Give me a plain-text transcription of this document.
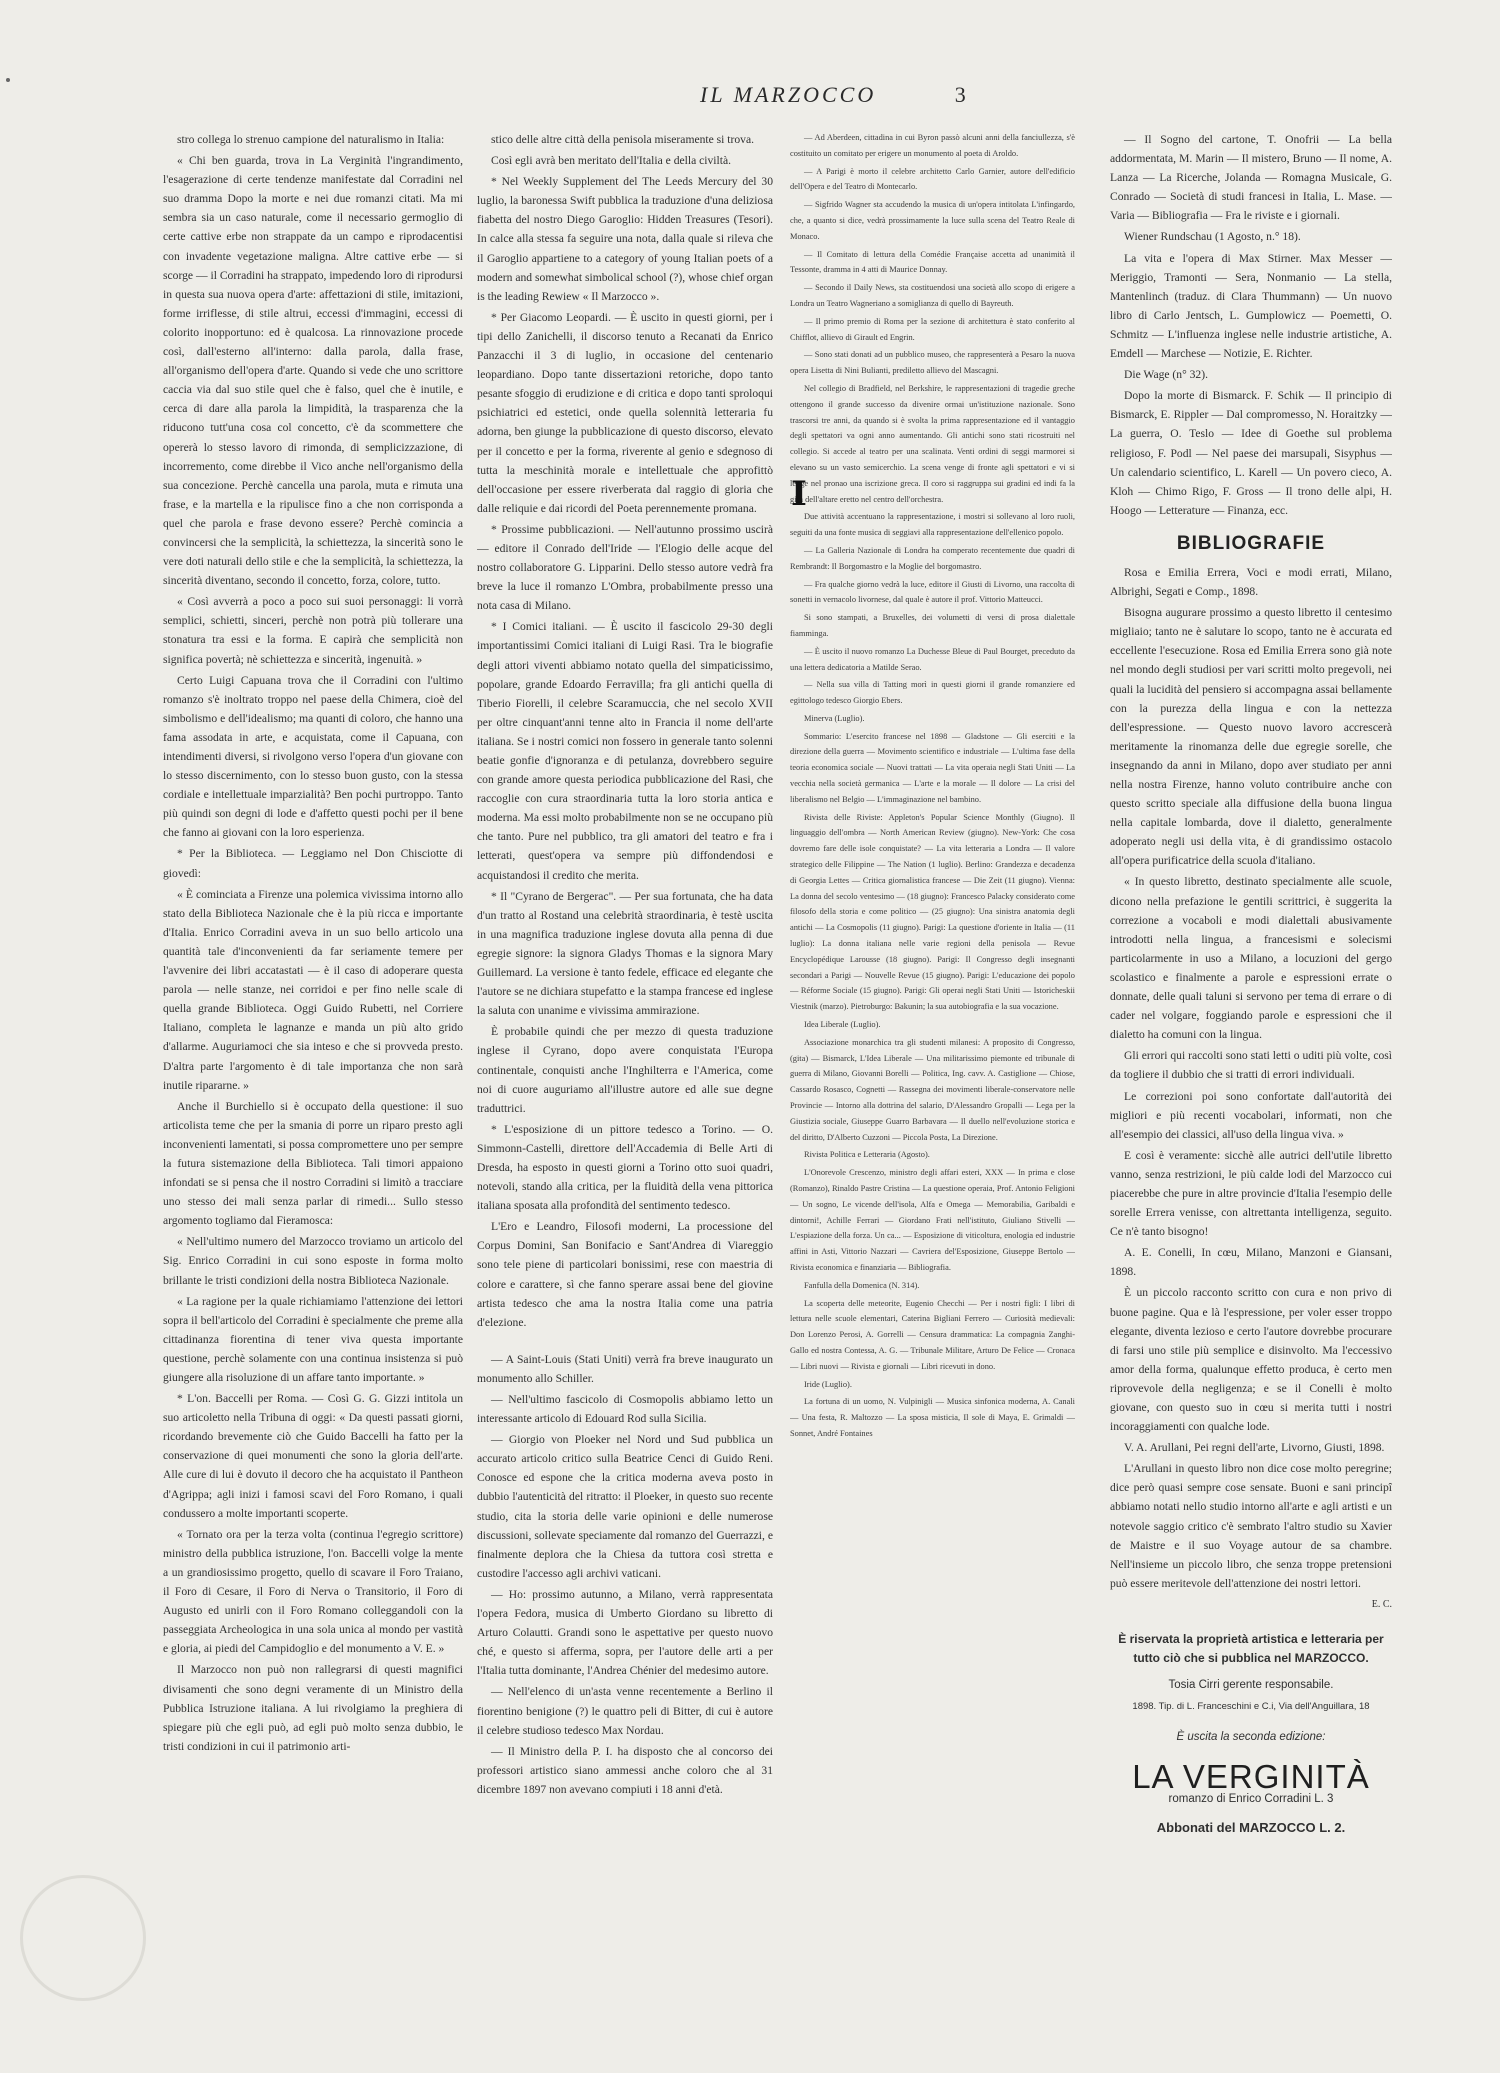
IL MARZOCCO	3

stro collega lo strenuo campione del naturalismo in Italia:

« Chi ben guarda, trova in La Verginità l'ingrandimento, l'esagerazione di certe tendenze manifestate dal Corradini nel suo dramma Dopo la morte e nei due romanzi citati. Ma mi sembra sia un caso naturale, come il necessario germoglio di certe cattive erbe non strappate da un campo e riprodacentisi con invadente vegetazione maligna. Altre cattive erbe — si scorge — il Corradini ha strappato, impedendo loro di riprodursi in questa sua nuova opera d'arte: affettazioni di stile, imitazioni, forme irriflesse, di stile altrui, eccessi d'immagini, eccessi di colorito inopportuno: ed è qualcosa. La rinnovazione procede così, dall'esterno all'interno: dalla parola, dalla frase, all'organismo dell'opera d'arte. Quando si vede che uno scrittore caccia via dal suo stile quel che è falso, quel che è inutile, e cerca di dare alla parola la limpidità, la trasparenza che la riducono tutt'una cosa col concetto, c'è da scommettere che opererà lo stesso lavoro di rimonda, di semplicizzazione, di incorremento, come direbbe il Vico anche nell'organismo della sua concezione. Perchè cancella una parola, muta e rimuta una frase, e la martella e la ripulisce fino a che non corrisponda a quel che parola e frase devono essere? Perchè comincia a convincersi che la semplicità, la schiettezza, la sincerità sono le vere doti naturali dello stile e che la semplicità, la schiettezza, la sincerità diventano, secondo il concetto, forza, colore, tutto.

« Così avverrà a poco a poco sui suoi personaggi: li vorrà semplici, schietti, sinceri, perchè non potrà più tollerare una stonatura tra essi e la forma. E capirà che semplicità non significa povertà; nè schiettezza e sincerità, ingenuità. »

Certo Luigi Capuana trova che il Corradini con l'ultimo romanzo s'è inoltrato troppo nel paese della Chimera, cioè del simbolismo e dell'idealismo; ma quanti di coloro, che hanno una fama assodata in arte, e acquistata, come il Capuana, con intendimenti diversi, si rivolgono verso l'opera d'un giovane con lo stesso discernimento, con lo stesso buon gusto, con la stessa cordiale e intellettuale imparzialità? Ben pochi purtroppo. Tanto più quindi son degni di lode e d'affetto questi pochi per il bene che fanno ai giovani con la loro esperienza.

* Per la Biblioteca. — Leggiamo nel Don Chisciotte di giovedì:

« È cominciata a Firenze una polemica vivissima intorno allo stato della Biblioteca Nazionale che è la più ricca e importante d'Italia. Enrico Corradini aveva in un suo bello articolo una quantità tale d'inconvenienti da far seriamente temere per l'avvenire dei libri accatastati — è il caso di adoperare questa parola — nelle stanze, nei corridoi e per fino nelle scale di quella grande Biblioteca. Oggi Guido Rubetti, nel Corriere Italiano, completa le lagnanze e manda un più alto grido d'allarme. Auguriamoci che sia inteso e che si provveda presto. D'altra parte l'argomento è di tale importanza che non sarà inutile ripararne. »

Anche il Burchiello si è occupato della questione: il suo articolista teme che per la smania di porre un riparo presto agli inconvenienti lamentati, si possa compromettere uno per sempre la futura sistemazione della Biblioteca. Tali timori appaiono infondati se si pensa che il nostro Corradini si limitò a tracciare uno stesso dei mali senza parlar di rimedi... Sullo stesso argomento togliamo dal Fieramosca:

« Nell'ultimo numero del Marzocco troviamo un articolo del Sig. Enrico Corradini in cui sono esposte in forma molto brillante le tristi condizioni della nostra Biblioteca Nazionale.

« La ragione per la quale richiamiamo l'attenzione dei lettori sopra il bell'articolo del Corradini è specialmente che preme alla cittadinanza fiorentina di tener viva questa importante questione, perchè solamente con una continua insistenza si può giungere alla risoluzione di un affare tanto importante. »

* L'on. Baccelli per Roma. — Così G. G. Gizzi intitola un suo articoletto nella Tribuna di oggi: « Da questi passati giorni, ricordando brevemente ciò che Guido Baccelli ha fatto per la conservazione di quei monumenti che sono la gloria dell'arte. Alle cure di lui è dovuto il decoro che ha acquistato il Pantheon d'Agrippa; agli inizi i famosi scavi del Foro Romano, i quali condussero a molte importanti scoperte.

« Tornato ora per la terza volta (continua l'egregio scrittore) ministro della pubblica istruzione, l'on. Baccelli volge la mente a un grandiosissimo progetto, quello di scavare il Foro Traiano, il Foro di Cesare, il Foro di Nerva o Transitorio, il Foro di Augusto ed unirli con il Foro Romano colleggandoli con la passeggiata Archeologica in una sola unica al mondo per vastità e gloria, ai piedi del Campidoglio e del monumento a V. E. »

Il Marzocco non può non rallegrarsi di questi magnifici divisamenti che sono degni veramente di un Ministro della Pubblica Istruzione italiana. A lui rivolgiamo la preghiera di spiegare più che egli può, ad egli può molto senza dubbio, le tristi condizioni in cui il patrimonio arti-

stico delle altre città della penisola miseramente si trova.

Così egli avrà ben meritato dell'Italia e della civiltà.

* Nel Weekly Supplement del The Leeds Mercury del 30 luglio, la baronessa Swift pubblica la traduzione d'una deliziosa fiabetta del nostro Diego Garoglio: Hidden Treasures (Tesori). In calce alla stessa fa seguire una nota, dalla quale si rileva che il Garoglio appartiene to a category of young Italian poets of a modern and somewhat simbolical school (?), whose chief organ is the leading Rewiew « Il Marzocco ».

* Per Giacomo Leopardi. — È uscito in questi giorni, per i tipi dello Zanichelli, il discorso tenuto a Recanati da Enrico Panzacchi il 3 di luglio, in occasione del centenario leopardiano. Dopo tante dissertazioni retoriche, dopo tanto pesante sfoggio di erudizione e di critica e dopo tanti sproloqui psichiatrici ed estetici, onde quella solennità letteraria fu adorna, ben giunge la pubblicazione di questo discorso, elevato per il concetto e per la forma, riverente al genio e sdegnoso di tutta la meschinità morale e intellettuale che approfittò dell'occasione per essere riverberata dal raggio di gloria che dalle reliquie e dai ricordi del Poeta perennemente promana.

* Prossime pubblicazioni. — Nell'autunno prossimo uscirà — editore il Conrado dell'Iride — l'Elogio delle acque del nostro collaboratore G. Lipparini. Dello stesso autore vedrà fra breve la luce il romanzo L'Ombra, probabilmente presso una nota casa di Milano.

* I Comici italiani. — È uscito il fascicolo 29-30 degli importantissimi Comici italiani di Luigi Rasi. Tra le biografie degli attori viventi abbiamo notato quella del simpaticissimo, popolare, grande Edoardo Ferravilla; fra gli antichi quella di Tiberio Fiorelli, il celebre Scaramuccia, che nel secolo XVII per oltre cinquant'anni tenne alto in Francia il nome dell'arte italiana. Se i nostri comici non fossero in generale tanto solenni beatie gonfie d'ignoranza e di petulanza, dovrebbero seguire con grande amore questa periodica pubblicazione del Rasi, che raccoglie con cura straordinaria tutta la loro storia antica e moderna. Ma essi molto probabilmente non se ne occupano più che tanto. Pure nel pubblico, tra gli amatori del teatro e fra i letterati, quest'opera va sempre più diffondendosi e acquistandosi il credito che merita.

* Il "Cyrano de Bergerac". — Per sua fortunata, che ha data d'un tratto al Rostand una celebrità straordinaria, è testè uscita in una magnifica traduzione inglese dovuta alla penna di due egregie signore: la signora Gladys Thomas e la signora Mary Guillemard. La versione è tanto fedele, efficace ed elegante che l'autore se ne dichiara stupefatto e la stampa francese ed inglese la saluta con unanime e vivissima ammirazione.

È probabile quindi che per mezzo di questa traduzione inglese il Cyrano, dopo avere conquistata l'Europa continentale, conquisti anche l'Inghilterra e l'America, come noi di cuore auguriamo all'illustre autore ed alle sue degne traduttrici.

* L'esposizione di un pittore tedesco a Torino. — O. Simmonn-Castelli, direttore dell'Accademia di Belle Arti di Dresda, ha esposto in questi giorni a Torino otto suoi quadri, notevoli, stando alla critica, per la fluidità della vena pittorica italiana sposata alla profondità del sentimento tedesco.

L'Ero e Leandro, Filosofi moderni, La processione del Corpus Domini, San Bonifacio e Sant'Andrea di Viareggio sono tele piene di particolari bonissimi, rese con maestria di colore e carattere, sì che fanno sperare assai bene del giovine artista tedesco che ama la nostra Italia come una patria d'elezione.

— A Saint-Louis (Stati Uniti) verrà fra breve inaugurato un monumento allo Schiller.

— Nell'ultimo fascicolo di Cosmopolis abbiamo letto un interessante articolo di Edouard Rod sulla Sicilia.

— Giorgio von Ploeker nel Nord und Sud pubblica un accurato articolo critico sulla Beatrice Cenci di Guido Reni. Conosce ed espone che la critica moderna aveva posto in dubbio l'autenticità del ritratto: il Ploeker, in questo suo recente studio, cita la storia delle varie opinioni e delle numerose discussioni, sollevate speciamente dal romanzo del Guerrazzi, e finalmente deplora che la Chiesa da tuttora così stretta e custodire l'accesso agli archivi vaticani.

— Ho: prossimo autunno, a Milano, verrà rappresentata l'opera Fedora, musica di Umberto Giordano su libretto di Arturo Colautti. Grandi sono le aspettative per questo nuovo ché, e questo si afferma, sopra, per l'autore delle arti a per l'Italia tutta dominante, l'Andrea Chénier del medesimo autore.

— Nell'elenco di un'asta venne recentemente a Berlino il fiorentino benigione (?) le quattro peli di Bitter, di cui è autore il celebre studioso tedesco Max Nordau.

— Il Ministro della P. I. ha disposto che al concorso dei professori artistico siano ammessi anche coloro che al 31 dicembre 1897 non avevano compiuti i 18 anni d'età.

— Ad Aberdeen, cittadina in cui Byron passò alcuni anni della fanciullezza, s'è costituito un comitato per erigere un monumento al poeta di Aroldo.

— A Parigi è morto il celebre architetto Carlo Garnier, autore dell'edificio dell'Opera e del Teatro di Montecarlo.

— Sigfrido Wagner sta accudendo la musica di un'opera intitolata L'infingardo, che, a quanto si dice, vedrà prossimamente la luce sulla scena del Teatro Reale di Monaco.

— Il Comitato di lettura della Comédie Française accetta ad unanimità il Tessonte, dramma in 4 atti di Maurice Donnay.

— Secondo il Daily News, sta costituendosi una società allo scopo di erigere a Londra un Teatro Wagneriano a somiglianza di quello di Bayreuth.

— Il primo premio di Roma per la sezione di architettura è stato conferito al Chifflot, allievo di Girault ed Engrin.

— Sono stati donati ad un pubblico museo, che rappresenterà a Pesaro la nuova opera Lisetta di Nini Bulianti, prediletto allievo del Mascagni.

Nel collegio di Bradfield, nel Berkshire, le rappresentazioni di tragedie greche ottengono il grande successo da divenire ormai un'istituzione nazionale. Sono trascorsi tre anni, da quando si è svolta la prima rappresentazione ed il vantaggio degli spettatori va ogni anno aumentando. Gli antichi sono stati ricostruiti nel collegio. Si accede al teatro per una scalinata. Venti ordini di seggi marmorei si elevano su un vasto semicerchio. La scena venge di fronte agli spettatori e vi si legge nel pronao una iscrizione greca. Il coro si raggruppa sui gradini ed indi fa la gira dell'altare eretto nel centro dell'orchestra.

Due attività accentuano la rappresentazione, i mostri si sollevano al loro ruoli, seguiti da una fonte musica di seggiavi alla rappresentazione dell'ellenico popolo.

— La Galleria Nazionale di Londra ha comperato recentemente due quadri di Rembrandt: Il Borgomastro e la Moglie del borgomastro.

— Fra qualche giorno vedrà la luce, editore il Giusti di Livorno, una raccolta di sonetti in vernacolo livornese, dal quale è autore il prof. Vittorio Matteucci.

Si sono stampati, a Bruxelles, dei volumetti di versi di prosa dialettale fiamminga.

— È uscito il nuovo romanzo La Duchesse Bleue di Paul Bourget, preceduto da una lettera dedicatoria a Matilde Serao.

— Nella sua villa di Tatting morì in questi giorni il grande romanziere ed egittologo tedesco Giorgio Ebers.

Minerva (Luglio).

Sommario: L'esercito francese nel 1898 — Gladstone — Gli eserciti e la direzione della guerra — Movimento scientifico e industriale — L'ultima fase della teoria economica sociale — Nuovi trattati — La vita operaia negli Stati Uniti — La vecchia nella società germanica — L'arte e la morale — Il dolore — La crisi del liberalismo nel Belgio — L'immaginazione nel bambino.

Rivista delle Riviste: Appleton's Popular Science Monthly (Giugno). Il linguaggio dell'ombra — North American Review (giugno). New-York: Che cosa dovremo fare delle isole conquistate? — La vita letteraria a Londra — Il valore strategico delle Filippine — The Nation (1 luglio). Berlino: Grandezza e decadenza di Georgia Lettes — Critica giornalistica francese — Die Zeit (11 giugno). Vienna: La donna del secolo ventesimo — (18 giugno): Francesco Palacky considerato come filosofo della storia e come politico — (25 giugno): Una sinistra anatomia degli antichi — La Cosmopolis (11 giugno). Parigi: La questione d'oriente in Italia — (11 luglio): La donna italiana nelle varie regioni della penisola — Revue Encyclopédique Larousse (18 giugno). Parigi: Il Congresso degli insegnanti secondari a Parigi — Nouvelle Revue (15 giugno). Parigi: L'educazione dei popolo — Réforme Sociale (15 giugno). Parigi: Gli operai negli Stati Uniti — Istoricheskii Viestnik (marzo). Pietroburgo: Bakunin; la sua autobiografia e la sua vocazione.

Idea Liberale (Luglio).

Associazione monarchica tra gli studenti milanesi: A proposito di Congresso, (gita) — Bismarck, L'Idea Liberale — Una militarissimo piemonte ed tribunale di guerra di Milano, Giovanni Borelli — Politica, Ing. cavv. A. Castiglione — Chiose, Cassardo Rosasco, Cognetti — Rassegna dei movimenti liberale-conservatore nelle Provincie — Intorno alla dottrina del salario, D'Alessandro Gropalli — Lega per la Giustizia sociale, Giuseppe Guarro Barbavara — Il duello nell'evoluzione storica e del diritto, D'Alberto Cuzzoni — Piccola Posta, La Direzione.

Rivista Politica e Letteraria (Agosto).

L'Onorevole Crescenzo, ministro degli affari esteri, XXX — In prima e close (Romanzo), Rinaldo Pastre Cristina — La questione operaia, Prof. Antonio Feligioni — Un sogno, Le vicende dell'isola, Alfa e Omega — Memorabilia, Garibaldi e dintorni!, Achille Ferrari — Giordano Frati nell'istituto, Giuliano Stivelli — L'espiazione della forza. Un ca... — Esposizione di viticoltura, enologia ed industrie affini in Asti, Vittorio Nazzari — Cavriera del'Esposizione, Giuseppe Bertolo — Rivista economica e finanziaria — Bibliografia.

Fanfulla della Domenica (N. 314).

La scoperta delle meteorite, Eugenio Checchi — Per i nostri figli: I libri di lettura nelle scuole elementari, Caterina Bigliani Ferrero — Curiosità medievali: Don Lorenzo Perosi, A. Gorrelli — Censura drammatica: La compagnia Zanghi-Gallo ed nostra Contessa, A. G. — Tribunale Militare, Arturo De Felice — Cronaca — Libri nuovi — Rivista e giornali — Libri ricevuti in dono.

Iride (Luglio).

La fortuna di un uomo, N. Vulpinigli — Musica sinfonica moderna, A. Canali — Una festa, R. Maltozzo — La sposa misticia, Il sole di Maya, E. Grimaldi — Sonnet, André Fontaines

I

— Il Sogno del cartone, T. Onofrii — La bella addormentata, M. Marin — Il mistero, Bruno — Il nome, A. Lanza — La Ricerche, Jolanda — Romagna Musicale, G. Conrado — Società di studi francesi in Italia, L. Mase. — Varia — Bibliografia — Fra le riviste e i giornali.

Wiener Rundschau (1 Agosto, n.° 18).

La vita e l'opera di Max Stirner. Max Messer — Meriggio, Tramonti — Sera, Nonmanio — La stella, Mantenlinch (traduz. di Clara Thummann) — Un nuovo libro di Carlo Jentsch, L. Gumplowicz — Poemetti, O. Schmitz — L'influenza inglese nelle industrie artistiche, A. Emdell — Marchese — Notizie, E. Richter.

Die Wage (n° 32).

Dopo la morte di Bismarck. F. Schik — Il principio di Bismarck, E. Rippler — Dal compromesso, N. Horaitzky — La guerra, O. Teslo — Idee di Goethe sul problema religioso, F. Podl — Nel paese dei marsupali, Sisyphus — Un calendario scientifico, L. Karell — Un povero cieco, A. Kloh — Chimo Rigo, F. Gross — Il trono delle alpi, H. Hoogo — Letterature — Finanza, ecc.

BIBLIOGRAFIE

Rosa e Emilia Errera, Voci e modi errati, Milano, Albrighi, Segati e Comp., 1898.

Bisogna augurare prossimo a questo libretto il centesimo migliaio; tanto ne è salutare lo scopo, tanto ne è accurata ed eccellente l'esecuzione. Rosa ed Emilia Errera sono già note nel mondo degli studiosi per vari scritti molto pregevoli, nei quali la lucidità del pensiero si accompagna assai bellamente con la purezza della lingua e con la nettezza dell'espressione. — Questo nuovo lavoro accrescerà meritamente la rinomanza delle due egregie sorelle, che insegnando da anni in Milano, dopo aver studiato per anni nella nostra Firenze, hanno voluto contribuire anche con questo scritto speciale alla diffusione della buona lingua nella capitale lombarda, dove il dialetto, generalmente adoperato negli usi della vita, è di grandissimo ostacolo all'opera purificatrice della scuola d'italiano.

« In questo libretto, destinato specialmente alle scuole, dicono nella prefazione le gentili scrittrici, è suggerita la correzione a vocaboli e modi dialettali abusivamente introdotti nella lingua, a francesismi e solecismi particolarmente in uso a Milano, a locuzioni del gergo scolastico e finalmente a parole e espressioni errate o donnate, delle quali taluni si servono per tema di errare o di cader nel volgare, foggiando parole e espressioni che il dialetto ha comuni con la lingua.

Gli errori qui raccolti sono stati letti o uditi più volte, così da togliere il dubbio che si tratti di errori individuali.

Le correzioni poi sono confortate dall'autorità dei migliori e più recenti vocabolari, informati, non che all'esempio dei classici, all'uso della lingua viva. »

E così è veramente: sicchè alle autrici dell'utile libretto vanno, senza restrizioni, le più calde lodi del Marzocco cui piacerebbe che pure in altre provincie d'Italia l'esempio delle sorelle Errera venisse, con altrettanta intelligenza, seguito. Ce n'è tanto bisogno!

A. E. Conelli, In cœu, Milano, Manzoni e Giansani, 1898.

È un piccolo racconto scritto con cura e non privo di buone pagine. Qua e là l'espressione, per voler esser troppo elegante, diventa lezioso e certo l'autore dovrebbe procurare di farsi uno stile più semplice e disinvolto. Ma l'eccessivo amor della forma, qualunque effetto produca, è certo men riprovevole della negligenza; e se il Conelli è molto giovane, con questo suo in cœu si merita tutti i nostri incoraggiamenti con qualche lode.

V. A. Arullani, Pei regni dell'arte, Livorno, Giusti, 1898.

L'Arullani in questo libro non dice cose molto peregrine; dice però quasi sempre cose sensate. Buoni e sani principî abbiamo notati nello studio intorno all'arte e agli artisti e un notevole saggio critico c'è sembrato l'altro studio su Xavier de Maistre e il suo Voyage autour de sa chambre. Nell'insieme un piccolo libro, che senza troppe pretensioni può essere meritevole dell'attenzione dei nostri lettori.

E. C.

È riservata la proprietà artistica e letteraria per tutto ciò che si pubblica nel MARZOCCO.
Tosia Cirri gerente responsabile.
1898. Tip. di L. Franceschini e C.i, Via dell'Anguillara, 18
È uscita la seconda edizione:
LA VERGINITÀ
romanzo di Enrico Corradini L. 3
Abbonati del MARZOCCO L. 2.
